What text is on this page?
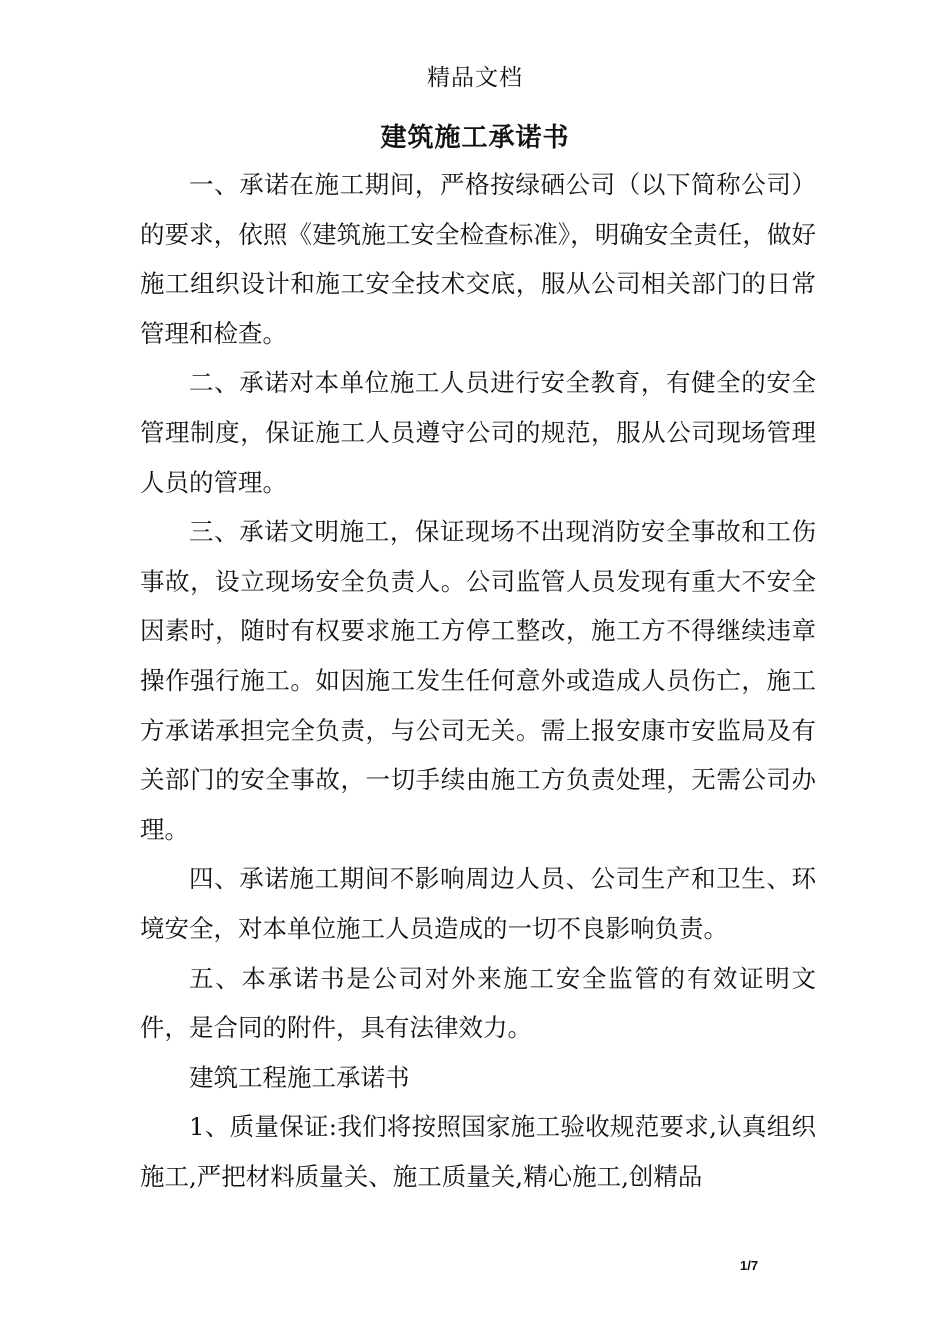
精品文档
建筑施工承诺书

一、承诺在施工期间，严格按绿硒公司（以下简称公司）的要求，依照《建筑施工安全检查标准》，明确安全责任，做好施工组织设计和施工安全技术交底，服从公司相关部门的日常管理和检查。

二、承诺对本单位施工人员进行安全教育，有健全的安全管理制度，保证施工人员遵守公司的规范，服从公司现场管理人员的管理。

三、承诺文明施工，保证现场不出现消防安全事故和工伤事故，设立现场安全负责人。公司监管人员发现有重大不安全因素时，随时有权要求施工方停工整改，施工方不得继续违章操作强行施工。如因施工发生任何意外或造成人员伤亡，施工方承诺承担完全负责，与公司无关。需上报安康市安监局及有关部门的安全事故，一切手续由施工方负责处理，无需公司办理。

四、承诺施工期间不影响周边人员、公司生产和卫生、环境安全，对本单位施工人员造成的一切不良影响负责。

五、本承诺书是公司对外来施工安全监管的有效证明文件，是合同的附件，具有法律效力。

建筑工程施工承诺书

1、质量保证:我们将按照国家施工验收规范要求,认真组织施工,严把材料质量关、施工质量关,精心施工,创精品

1/7
